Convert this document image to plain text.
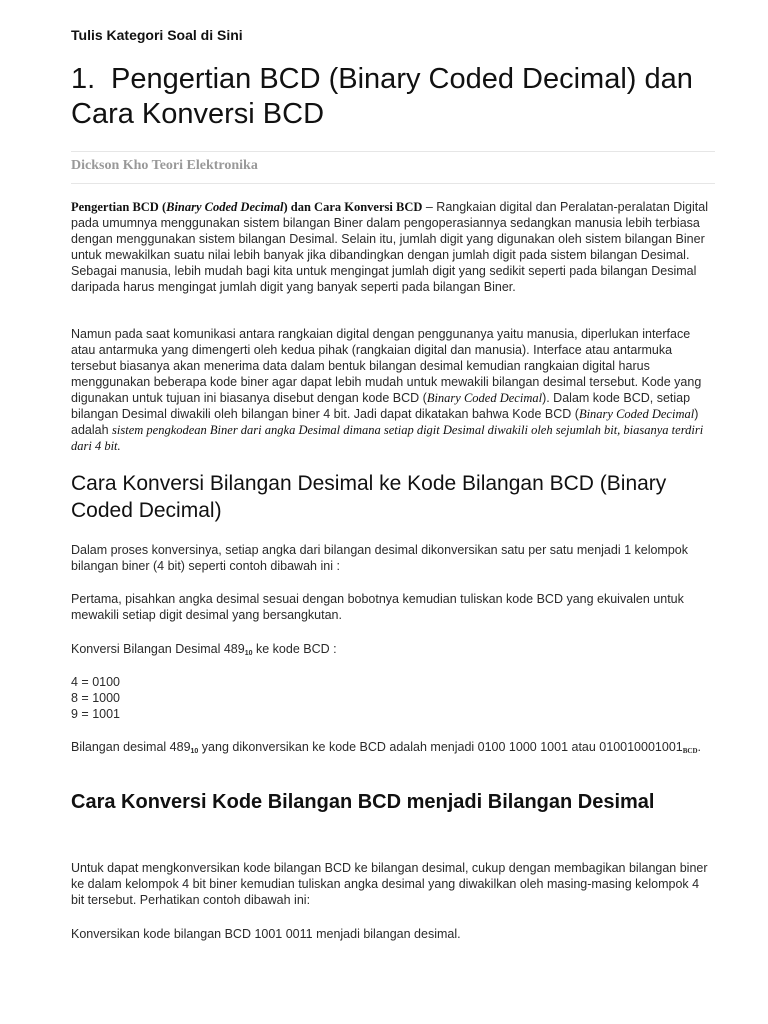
Tulis Kategori Soal di Sini
1. Pengertian BCD (Binary Coded Decimal) dan Cara Konversi BCD
Dickson Kho Teori Elektronika

Pengertian BCD (Binary Coded Decimal) dan Cara Konversi BCD – Rangkaian digital dan Peralatan-peralatan Digital pada umumnya menggunakan sistem bilangan Biner dalam pengoperasiannya sedangkan manusia lebih terbiasa dengan menggunakan sistem bilangan Desimal. Selain itu, jumlah digit yang digunakan oleh sistem bilangan Biner untuk mewakilkan suatu nilai lebih banyak jika dibandingkan dengan jumlah digit pada sistem bilangan Desimal. Sebagai manusia, lebih mudah bagi kita untuk mengingat jumlah digit yang sedikit seperti pada bilangan Desimal daripada harus mengingat jumlah digit yang banyak seperti pada bilangan Biner.

Namun pada saat komunikasi antara rangkaian digital dengan penggunanya yaitu manusia, diperlukan interface atau antarmuka yang dimengerti oleh kedua pihak (rangkaian digital dan manusia). Interface atau antarmuka tersebut biasanya akan menerima data dalam bentuk bilangan desimal kemudian rangkaian digital harus menggunakan beberapa kode biner agar dapat lebih mudah untuk mewakili bilangan desimal tersebut. Kode yang digunakan untuk tujuan ini biasanya disebut dengan kode BCD (Binary Coded Decimal). Dalam kode BCD, setiap bilangan Desimal diwakili oleh bilangan biner 4 bit. Jadi dapat dikatakan bahwa Kode BCD (Binary Coded Decimal) adalah sistem pengkodean Biner dari angka Desimal dimana setiap digit Desimal diwakili oleh sejumlah bit, biasanya terdiri dari 4 bit.

Cara Konversi Bilangan Desimal ke Kode Bilangan BCD (Binary Coded Decimal)

Dalam proses konversinya, setiap angka dari bilangan desimal dikonversikan satu per satu menjadi 1 kelompok bilangan biner (4 bit) seperti contoh dibawah ini :

Pertama, pisahkan angka desimal sesuai dengan bobotnya kemudian tuliskan kode BCD yang ekuivalen untuk mewakili setiap digit desimal yang bersangkutan.

Konversi Bilangan Desimal $489_{10}$ ke kode BCD :

4 = 0100

8 = 1000

9 = 1001

Bilangan desimal $489_{10}$ yang dikonversikan ke kode BCD adalah menjadi 0100 1000 1001 atau $010010001001_{BCD}$.

Cara Konversi Kode Bilangan BCD menjadi Bilangan Desimal

Untuk dapat mengkonversikan kode bilangan BCD ke bilangan desimal, cukup dengan membagikan bilangan biner ke dalam kelompok 4 bit biner kemudian tuliskan angka desimal yang diwakilkan oleh masing-masing kelompok 4 bit tersebut. Perhatikan contoh dibawah ini:

Konversikan kode bilangan BCD 1001 0011 menjadi bilangan desimal.
